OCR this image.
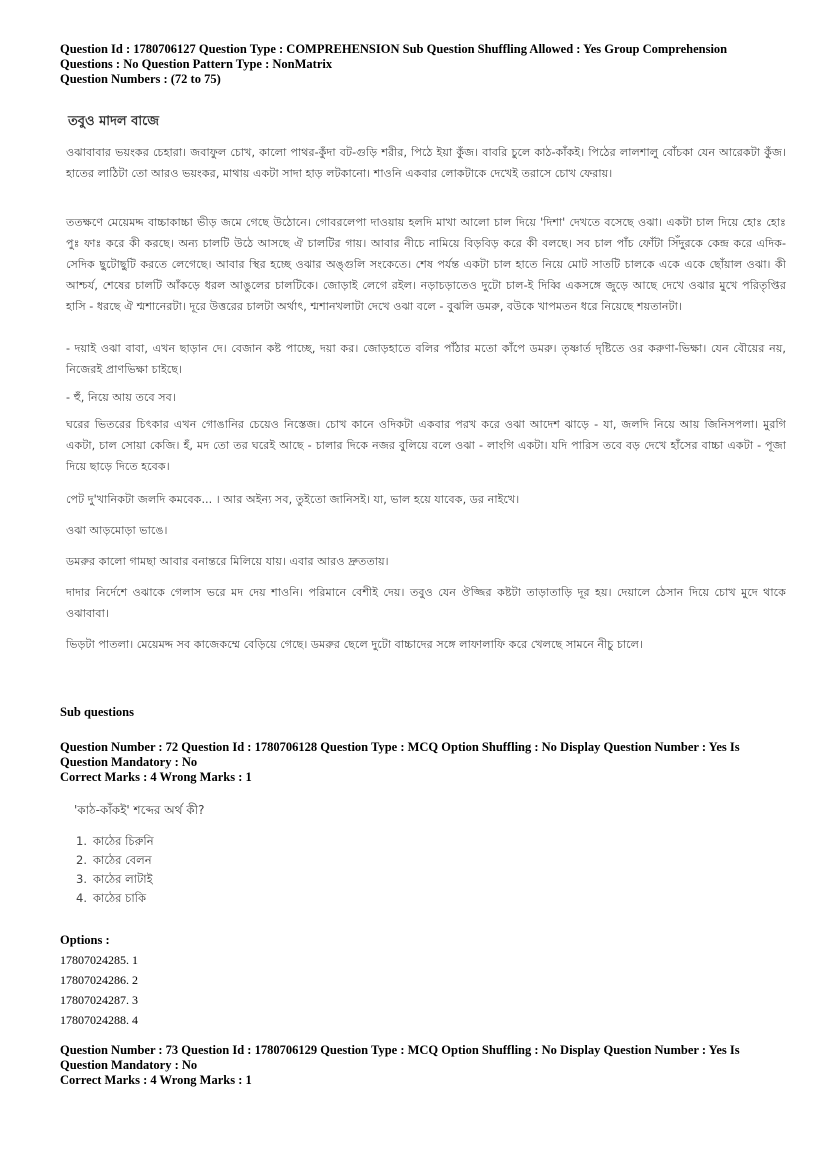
Question Id : 1780706127 Question Type : COMPREHENSION Sub Question Shuffling Allowed : Yes Group Comprehension
Questions : No Question Pattern Type : NonMatrix
Question Numbers : (72 to 75)
তবুও মাদল বাজে
ওঝাবাবার ভয়ংকর চেহারা। জবাফুল চোখ, কালো পাথর-কুঁদা বট-গুড়ি শরীর, পিঠে ইয়া কুঁজ। বাবরি চুলে কাঠ-কাঁকই। পিঠের লালশালু বোঁচকা যেন আরেকটা কুঁজ। হাতের লাঠিটা তো আরও ভয়ংকর, মাথায় একটা সাদা হাড় লটকানো। শাওনি একবার লোকটাকে দেখেই তরাসে চোখ ফেরায়।
ততক্ষণে মেয়েমদ্দ বাচ্চাকাচ্চা ভীড় জমে গেছে উঠোনে। গোবরলেপা দাওয়ায় হলদি মাখা আলো চাল দিয়ে 'দিশা' দেখতে বসেছে ওঝা। একটা চাল দিয়ে হোঃ হোঃ পুঃ ফাঃ করে কী করছে। অন্য চালটি উঠে আসছে ঐ চালটির গায়। আবার নীচে নামিয়ে বিড়বিড় করে কী বলছে। সব চাল পাঁচ ফোঁটা সিঁদুরকে কেন্দ্র করে এদিক-সেদিক ছুটোছুটি করতে লেগেছে। আবার স্থির হচ্ছে ওঝার অঙ্গুলি সংকেতে। শেষ পর্যন্ত একটা চাল হাতে নিয়ে মোট সাতটি চালকে একে একে ছোঁয়াল ওঝা। কী আশ্চর্য, শেষের চালটি আঁকড়ে ধরল আঙুলের চালটিকে। জোড়াই লেগে রইল। নড়াচড়াতেও দুটো চাল-ই দিব্বি একসঙ্গে জুড়ে আছে দেখে ওঝার মুখে পরিতৃপ্তির হাসি - ধরছে ঐ শ্মশানেরটা। দূরে উত্তরের চালটা অর্থাৎ, শ্মশানখলাটা দেখে ওঝা বলে - বুঝলি ডমরু, বউকে খাপমতন ধরে নিয়েছে শয়তানটা।
- দয়াই ওঝা বাবা, এখন ছাড়ান দে। বেজান কষ্ট পাচ্ছে, দয়া কর। জোড়হাতে বলির পাঁঠার মতো কাঁপে ডমরু। তৃষ্ণার্ত দৃষ্টিতে ওর করুণা-ভিক্ষা। যেন বৌয়ের নয়, নিজেরই প্রাণভিক্ষা চাইছে।
- হুঁ, নিয়ে আয় তবে সব।
ঘরের ভিতরের চিৎকার এখন গোঙানির চেয়েও নিস্তেজ। চোখ কানে ওদিকটা একবার পরখ করে ওঝা আদেশ ঝাড়ে - যা, জলদি নিয়ে আয় জিনিসপলা। মুরগি একটা, চাল সোয়া কেজি। হঁ, মদ তো তর ঘরেই আছে - চালার দিকে নজর বুলিয়ে বলে ওঝা - লাংগি একটা। যদি পারিস তবে বড় দেখে হাঁসের বাচ্চা একটা - পূজা দিয়ে ছাড়ে দিতে হবেক।
পেট দু'খানিকটা জলদি কমবেক... । আর অইন্য সব, তুইতো জানিসই। যা, ভাল হয়ে যাবেক, ডর নাইখে।
ওঝা আড়মোড়া ভাঙে।
ডমরুর কালো গামছা আবার বনান্তরে মিলিয়ে যায়। এবার আরও দ্রুততায়।
দাদার নির্দেশে ওঝাকে গেলাস ভরে মদ দেয় শাওনি। পরিমানে বেশীই দেয়। তবুও যেন ঔজ্জির কষ্টটা তাড়াতাড়ি দূর হয়। দেয়ালে ঠেসান দিয়ে চোখ মুদে থাকে ওঝাবাবা।
ভিড়টা পাতলা। মেয়েমদ্দ সব কাজেকম্মে বেড়িয়ে গেছে। ডমরুর ছেলে দুটো বাচ্চাদের সঙ্গে লাফালাফি করে খেলছে সামনে নীচু চালে।
Sub questions
Question Number : 72 Question Id : 1780706128 Question Type : MCQ Option Shuffling : No Display Question Number : Yes Is
Question Mandatory : No
Correct Marks : 4 Wrong Marks : 1
'কাঠ-কাঁকই' শব্দের অর্থ কী?
1. কাঠের চিরুনি
2. কাঠের বেলন
3. কাঠের লাটাই
4. কাঠের চাকি
Options :
17807024285. 1
17807024286. 2
17807024287. 3
17807024288. 4
Question Number : 73 Question Id : 1780706129 Question Type : MCQ Option Shuffling : No Display Question Number : Yes Is
Question Mandatory : No
Correct Marks : 4 Wrong Marks : 1
